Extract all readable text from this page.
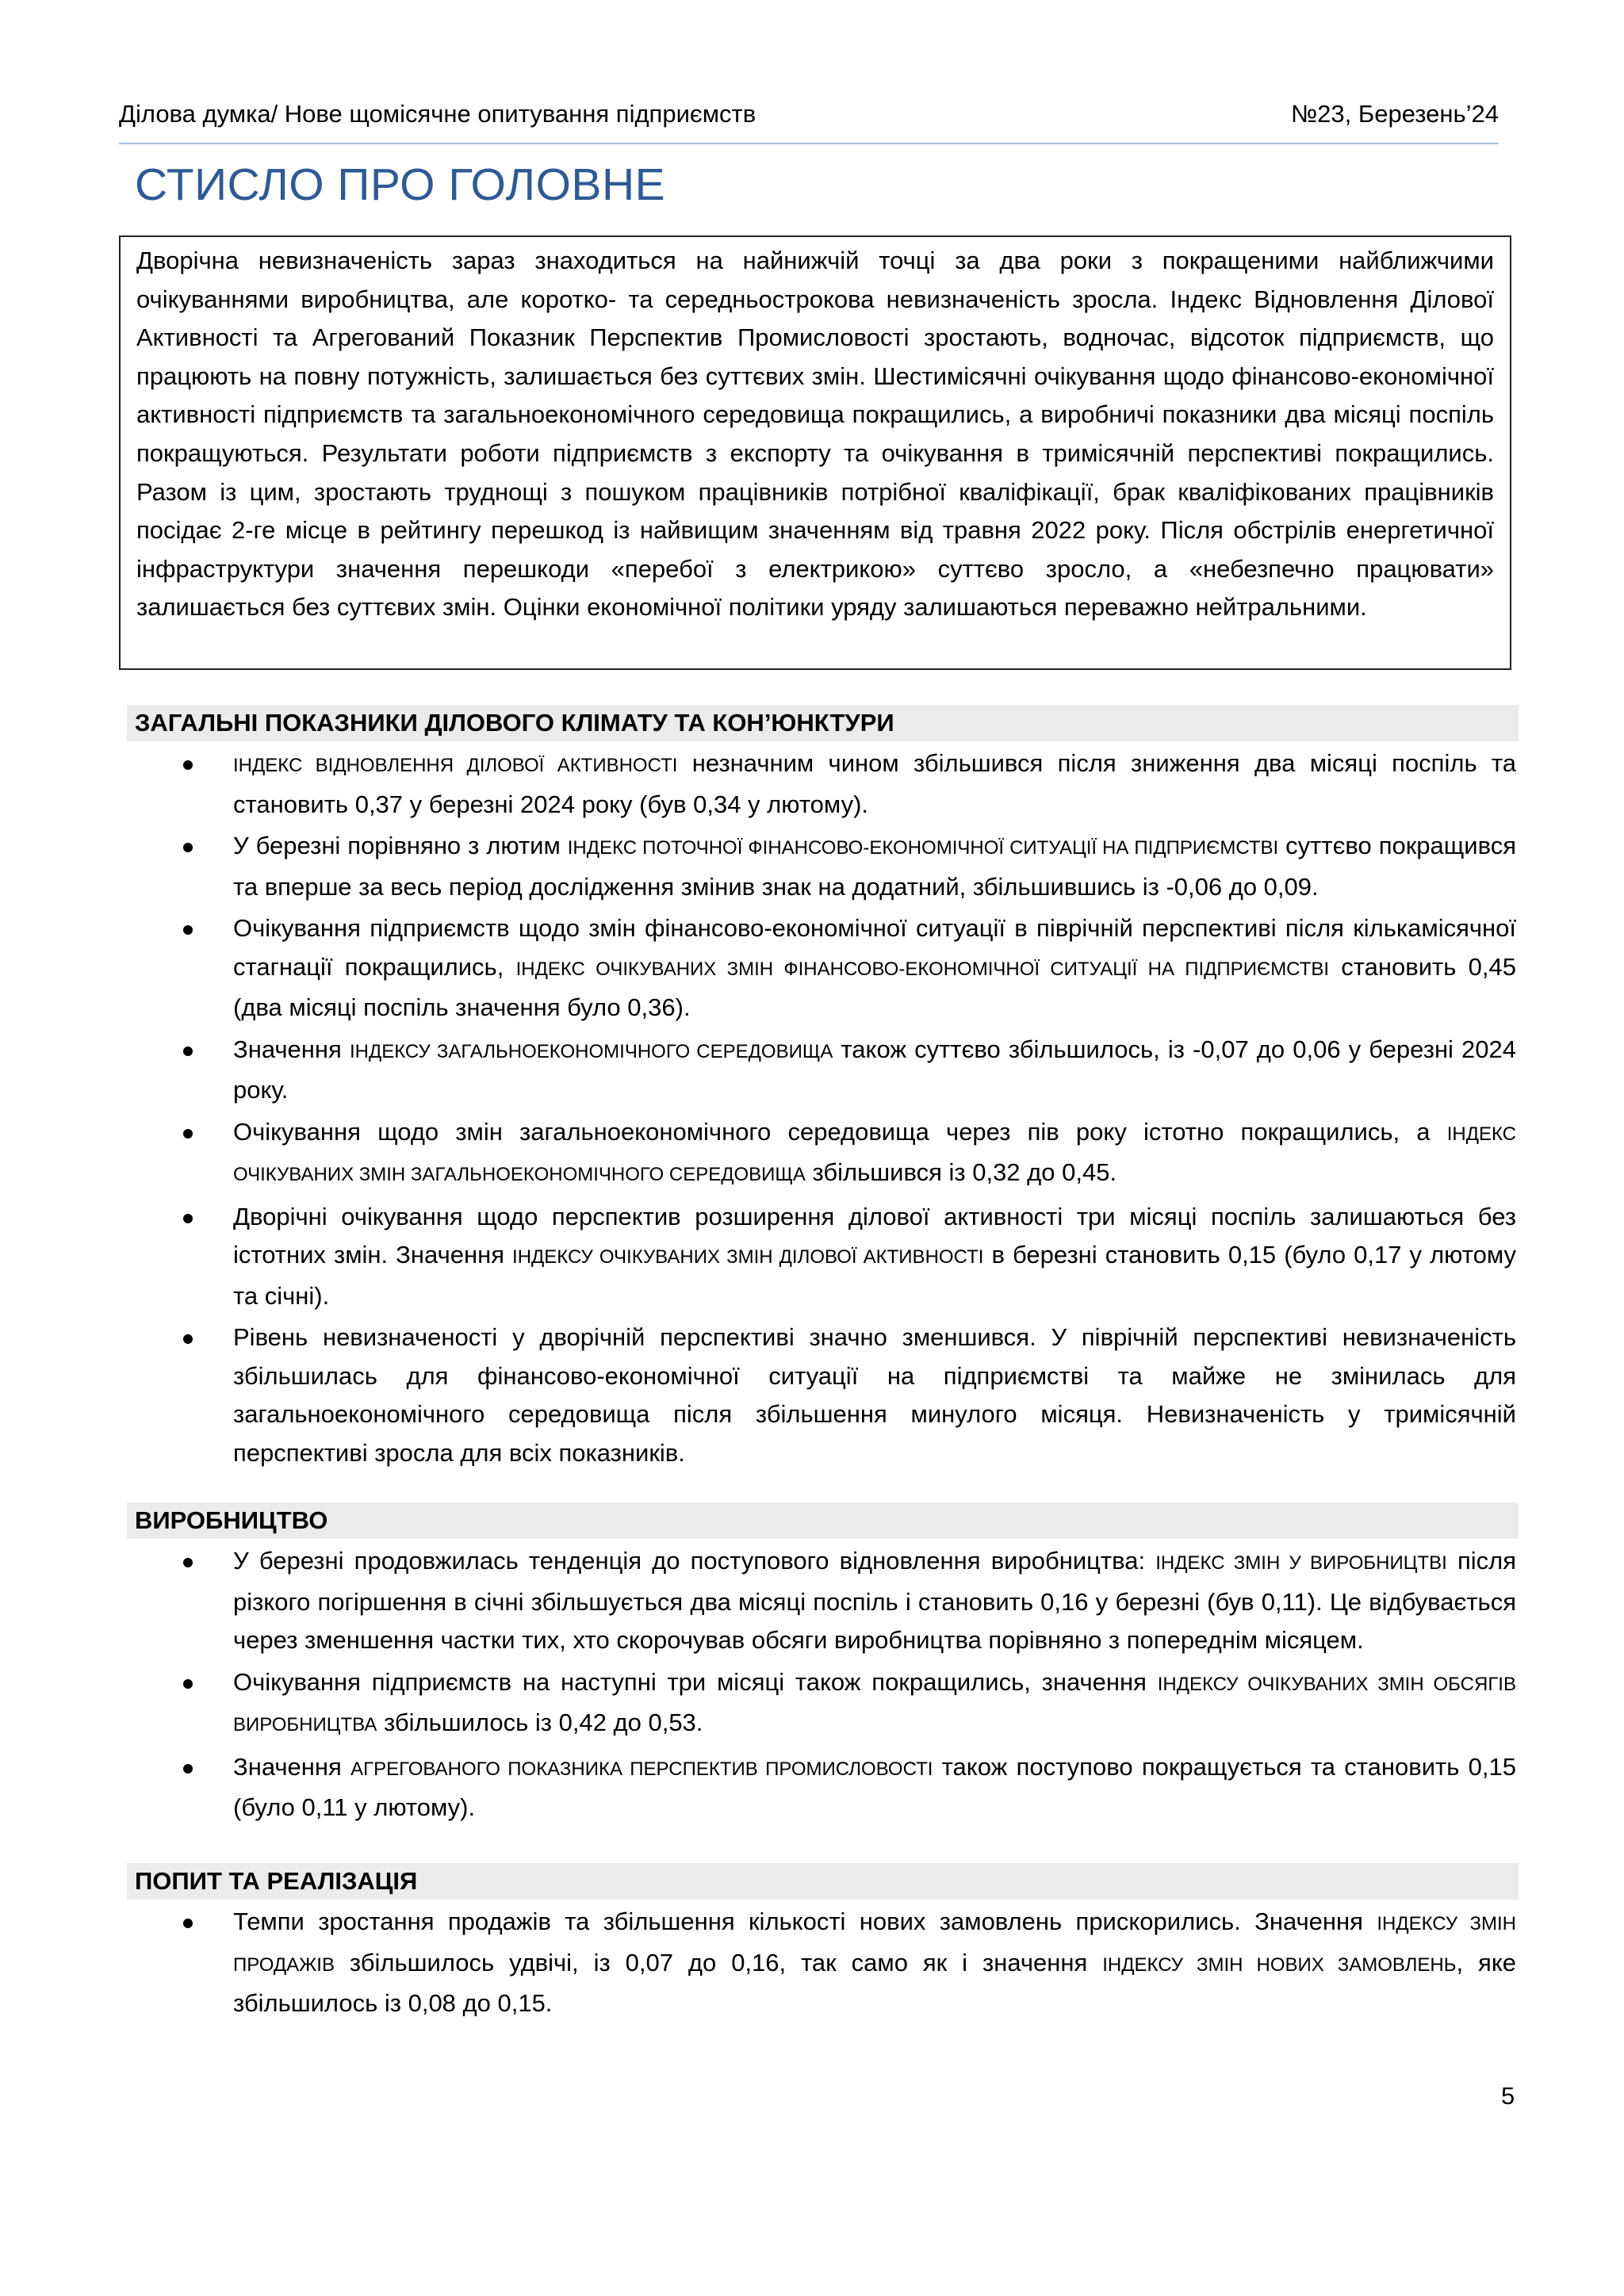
Ділова думка/ Нове щомісячне опитування підприємств	№23, Березень’24
СТИСЛО ПРО ГОЛОВНЕ
Дворічна невизначеність зараз знаходиться на найнижчій точці за два роки з покращеними найближчими очікуваннями виробництва, але коротко- та середньострокова невизначеність зросла. Індекс Відновлення Ділової Активності та Агрегований Показник Перспектив Промисловості зростають, водночас, відсоток підприємств, що працюють на повну потужність, залишається без суттєвих змін. Шестимісячні очікування щодо фінансово-економічної активності підприємств та загальноекономічного середовища покращились, а виробничі показники два місяці поспіль покращуються. Результати роботи підприємств з експорту та очікування в тримісячній перспективі покращились. Разом із цим, зростають труднощі з пошуком працівників потрібної кваліфікації, брак кваліфікованих працівників посідає 2-ге місце в рейтингу перешкод із найвищим значенням від травня 2022 року. Після обстрілів енергетичної інфраструктури значення перешкоди «перебої з електрикою» суттєво зросло, а «небезпечно працювати» залишається без суттєвих змін. Оцінки економічної політики уряду залишаються переважно нейтральними.
ЗАГАЛЬНІ ПОКАЗНИКИ ДІЛОВОГО КЛІМАТУ ТА КОН’ЮНКТУРИ
ІНДЕКС ВІДНОВЛЕННЯ ДІЛОВОЇ АКТИВНОСТІ незначним чином збільшився після зниження два місяці поспіль та становить 0,37 у березні 2024 року (був 0,34 у лютому).
У березні порівняно з лютим ІНДЕКС ПОТОЧНОЇ ФІНАНСОВО-ЕКОНОМІЧНОЇ СИТУАЦІЇ НА ПІДПРИЄМСТВІ суттєво покращився та вперше за весь період дослідження змінив знак на додатний, збільшившись із -0,06 до 0,09.
Очікування підприємств щодо змін фінансово-економічної ситуації в піврічній перспективі після кількамісячної стагнації покращились, ІНДЕКС ОЧІКУВАНИХ ЗМІН ФІНАНСОВО-ЕКОНОМІЧНОЇ СИТУАЦІЇ НА ПІДПРИЄМСТВІ становить 0,45 (два місяці поспіль значення було 0,36).
Значення ІНДЕКСУ ЗАГАЛЬНОЕКОНОМІЧНОГО СЕРЕДОВИЩА також суттєво збільшилось, із -0,07 до 0,06 у березні 2024 року.
Очікування щодо змін загальноекономічного середовища через пів року істотно покращились, а ІНДЕКС ОЧІКУВАНИХ ЗМІН ЗАГАЛЬНОЕКОНОМІЧНОГО СЕРЕДОВИЩА збільшився із 0,32 до 0,45.
Дворічні очікування щодо перспектив розширення ділової активності три місяці поспіль залишаються без істотних змін. Значення ІНДЕКСУ ОЧІКУВАНИХ ЗМІН ДІЛОВОЇ АКТИВНОСТІ в березні становить 0,15 (було 0,17 у лютому та січні).
Рівень невизначеності у дворічній перспективі значно зменшився. У піврічній перспективі невизначеність збільшилась для фінансово-економічної ситуації на підприємстві та майже не змінилась для загальноекономічного середовища після збільшення минулого місяця. Невизначеність у тримісячній перспективі зросла для всіх показників.
ВИРОБНИЦТВО
У березні продовжилась тенденція до поступового відновлення виробництва: ІНДЕКС ЗМІН У ВИРОБНИЦТВІ після різкого погіршення в січні збільшується два місяці поспіль і становить 0,16 у березні (був 0,11). Це відбувається через зменшення частки тих, хто скорочував обсяги виробництва порівняно з попереднім місяцем.
Очікування підприємств на наступні три місяці також покращились, значення ІНДЕКСУ ОЧІКУВАНИХ ЗМІН ОБСЯГІВ ВИРОБНИЦТВА збільшилось із 0,42 до 0,53.
Значення АГРЕГОВАНОГО ПОКАЗНИКА ПЕРСПЕКТИВ ПРОМИСЛОВОСТІ також поступово покращується та становить 0,15 (було 0,11 у лютому).
ПОПИТ ТА РЕАЛІЗАЦІЯ
Темпи зростання продажів та збільшення кількості нових замовлень прискорились. Значення ІНДЕКСУ ЗМІН ПРОДАЖІВ збільшилось удвічі, із 0,07 до 0,16, так само як і значення ІНДЕКСУ ЗМІН НОВИХ ЗАМОВЛЕНЬ, яке збільшилось із 0,08 до 0,15.
5
